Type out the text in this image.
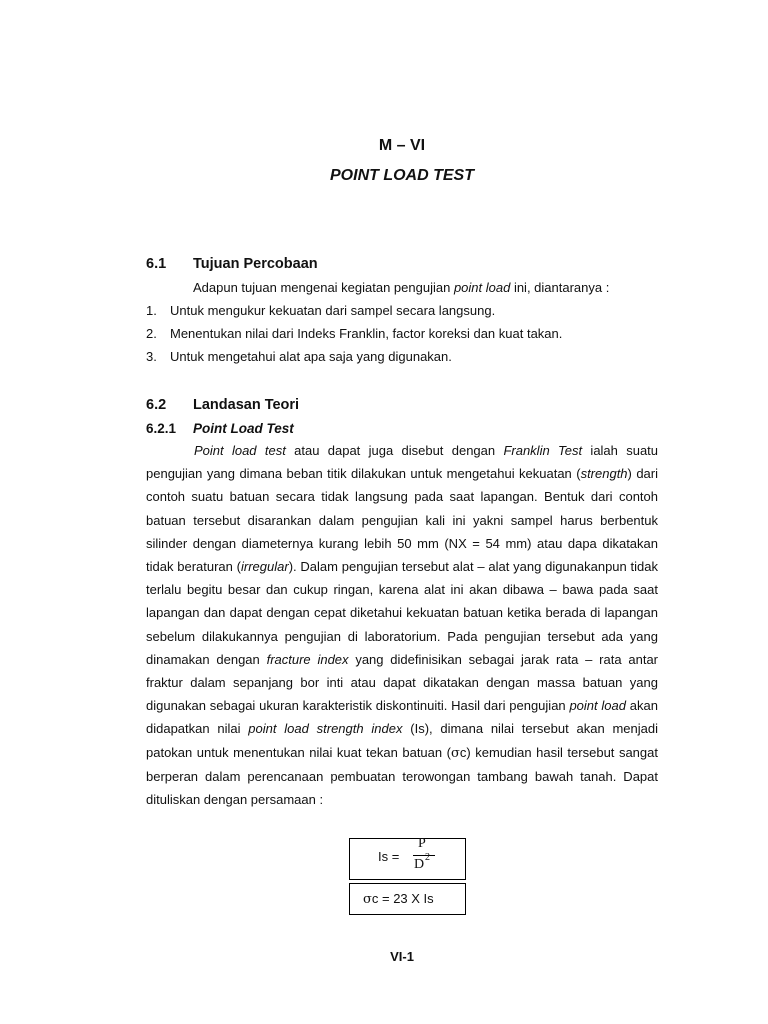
M – VI
POINT LOAD TEST
6.1 Tujuan Percobaan
Adapun tujuan mengenai kegiatan pengujian point load ini, diantaranya :
1. Untuk mengukur kekuatan dari sampel secara langsung.
2. Menentukan nilai dari Indeks Franklin, factor koreksi dan kuat takan.
3. Untuk mengetahui alat apa saja yang digunakan.
6.2 Landasan Teori
6.2.1 Point Load Test
Point load test atau dapat juga disebut dengan Franklin Test ialah suatu pengujian yang dimana beban titik dilakukan untuk mengetahui kekuatan (strength) dari contoh suatu batuan secara tidak langsung pada saat lapangan. Bentuk dari contoh batuan tersebut disarankan dalam pengujian kali ini yakni sampel harus berbentuk silinder dengan diameternya kurang lebih 50 mm (NX = 54 mm) atau dapa dikatakan tidak beraturan (irregular). Dalam pengujian tersebut alat – alat yang digunakanpun tidak terlalu begitu besar dan cukup ringan, karena alat ini akan dibawa – bawa pada saat lapangan dan dapat dengan cepat diketahui kekuatan batuan ketika berada di lapangan sebelum dilakukannya pengujian di laboratorium. Pada pengujian tersebut ada yang dinamakan dengan fracture index yang didefinisikan sebagai jarak rata – rata antar fraktur dalam sepanjang bor inti atau dapat dikatakan dengan massa batuan yang digunakan sebagai ukuran karakteristik diskontinuiti. Hasil dari pengujian point load akan didapatkan nilai point load strength index (Is), dimana nilai tersebut akan menjadi patokan untuk menentukan nilai kuat tekan batuan (σc) kemudian hasil tersebut sangat berperan dalam perencanaan pembuatan terowongan tambang bawah tanah. Dapat dituliskan dengan persamaan :
Is =
P
D 2
σc = 23 X Is
VI-1
